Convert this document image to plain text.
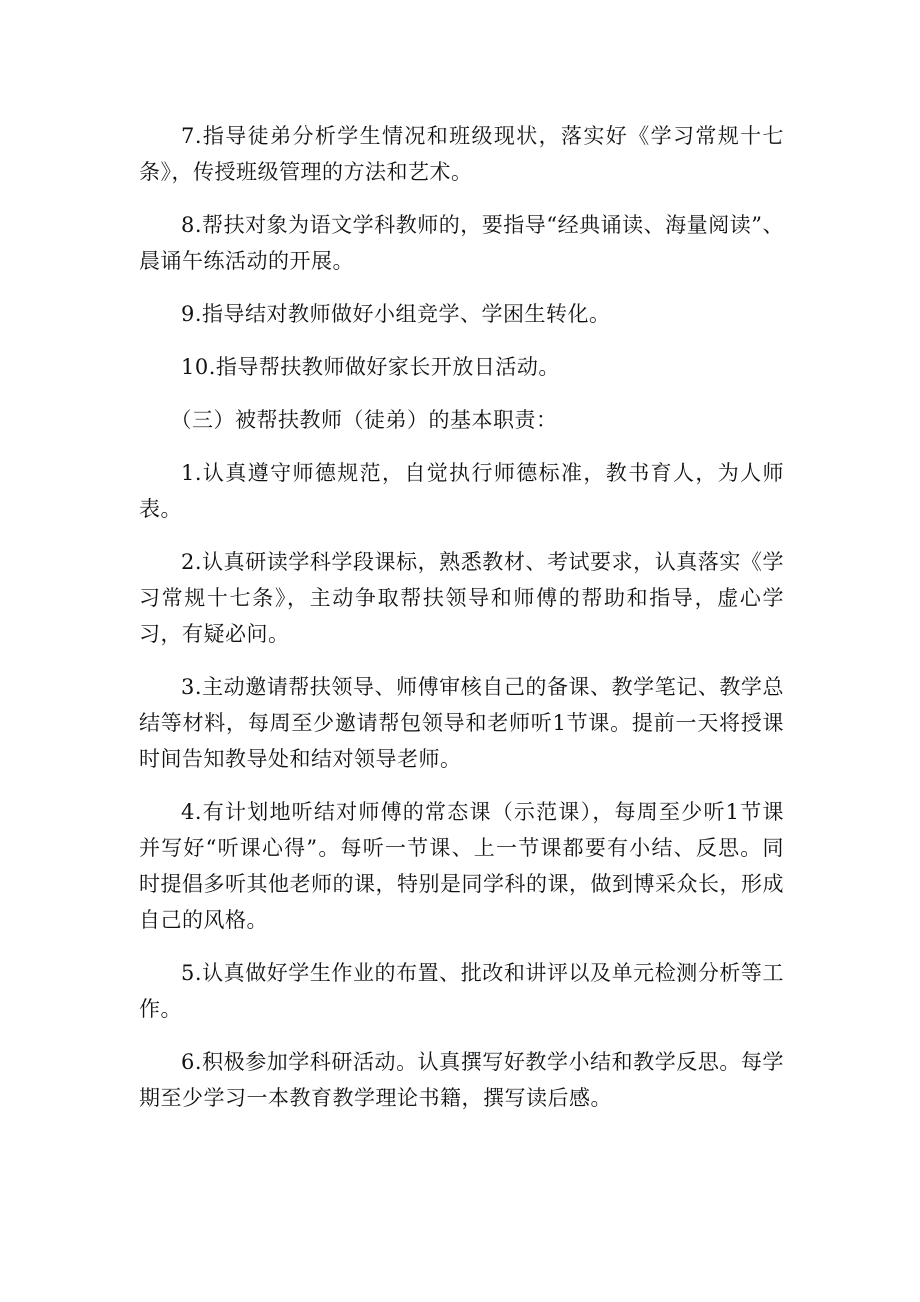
7.指导徒弟分析学生情况和班级现状，落实好《学习常规十七条》，传授班级管理的方法和艺术。

8.帮扶对象为语文学科教师的，要指导“经典诵读、海量阅读”、晨诵午练活动的开展。

9.指导结对教师做好小组竞学、学困生转化。

10.指导帮扶教师做好家长开放日活动。

（三）被帮扶教师（徒弟）的基本职责：

1.认真遵守师德规范，自觉执行师德标准，教书育人，为人师表。

2.认真研读学科学段课标，熟悉教材、考试要求，认真落实《学习常规十七条》，主动争取帮扶领导和师傅的帮助和指导，虚心学习，有疑必问。

3.主动邀请帮扶领导、师傅审核自己的备课、教学笔记、教学总结等材料，每周至少邀请帮包领导和老师听1节课。提前一天将授课时间告知教导处和结对领导老师。

4.有计划地听结对师傅的常态课（示范课），每周至少听1节课并写好“听课心得”。每听一节课、上一节课都要有小结、反思。同时提倡多听其他老师的课，特别是同学科的课，做到博采众长，形成自己的风格。

5.认真做好学生作业的布置、批改和讲评以及单元检测分析等工作。

6.积极参加学科研活动。认真撰写好教学小结和教学反思。每学期至少学习一本教育教学理论书籍，撰写读后感。
